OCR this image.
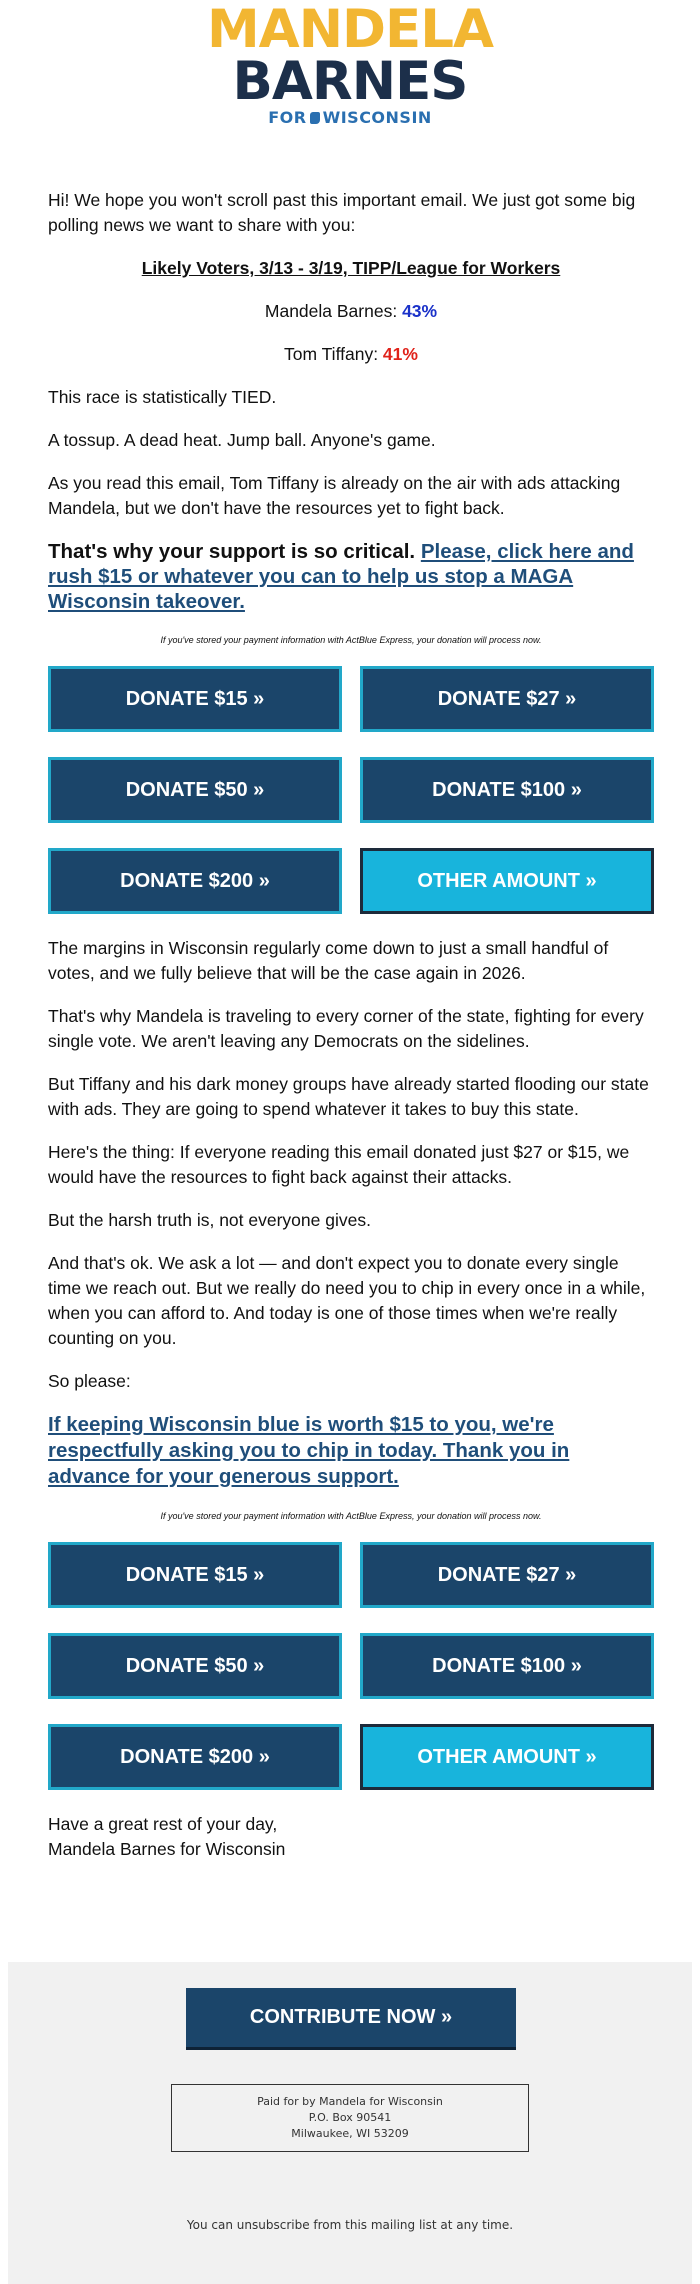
MANDELA
BARNES
FOR WISCONSIN

Hi! We hope you won't scroll past this important email. We just got some big polling news we want to share with you:

Likely Voters, 3/13 - 3/19, TIPP/League for Workers

Mandela Barnes: 43%

Tom Tiffany: 41%

This race is statistically TIED.

A tossup. A dead heat. Jump ball. Anyone's game.

As you read this email, Tom Tiffany is already on the air with ads attacking Mandela, but we don't have the resources yet to fight back.

That's why your support is so critical. Please, click here and rush $15 or whatever you can to help us stop a MAGA Wisconsin takeover.

If you've stored your payment information with ActBlue Express, your donation will process now.

DONATE $15 »	DONATE $27 »
DONATE $50 »	DONATE $100 »
DONATE $200 »	OTHER AMOUNT »

The margins in Wisconsin regularly come down to just a small handful of votes, and we fully believe that will be the case again in 2026.

That's why Mandela is traveling to every corner of the state, fighting for every single vote. We aren't leaving any Democrats on the sidelines.

But Tiffany and his dark money groups have already started flooding our state with ads. They are going to spend whatever it takes to buy this state.

Here's the thing: If everyone reading this email donated just $27 or $15, we would have the resources to fight back against their attacks.

But the harsh truth is, not everyone gives.

And that's ok. We ask a lot — and don't expect you to donate every single time we reach out. But we really do need you to chip in every once in a while, when you can afford to. And today is one of those times when we're really counting on you.

So please:

If keeping Wisconsin blue is worth $15 to you, we're respectfully asking you to chip in today. Thank you in advance for your generous support.

If you've stored your payment information with ActBlue Express, your donation will process now.

DONATE $15 »	DONATE $27 »
DONATE $50 »	DONATE $100 »
DONATE $200 »	OTHER AMOUNT »

Have a great rest of your day,

Mandela Barnes for Wisconsin

CONTRIBUTE NOW »
Paid for by Mandela for Wisconsin
P.O. Box 90541
Milwaukee, WI 53209
You can unsubscribe from this mailing list at any time.
